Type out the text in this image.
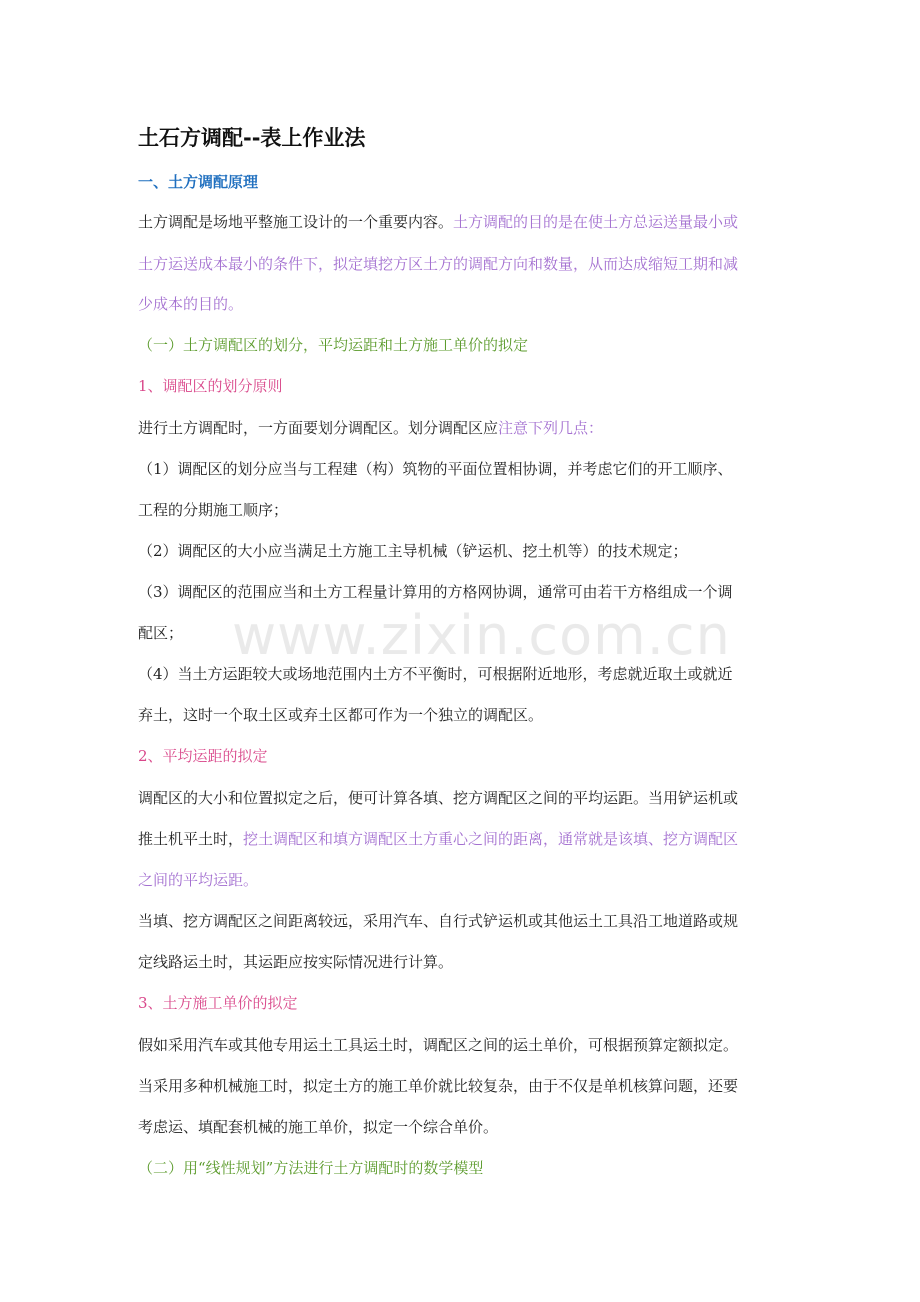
土石方调配--表上作业法
一、土方调配原理
土方调配是场地平整施工设计的一个重要内容。土方调配的目的是在使土方总运送量最小或
土方运送成本最小的条件下，拟定填挖方区土方的调配方向和数量，从而达成缩短工期和减
少成本的目的。
（一）土方调配区的划分，平均运距和土方施工单价的拟定
1、调配区的划分原则
进行土方调配时，一方面要划分调配区。划分调配区应注意下列几点：
（1）调配区的划分应当与工程建（构）筑物的平面位置相协调，并考虑它们的开工顺序、
工程的分期施工顺序；
（2）调配区的大小应当满足土方施工主导机械（铲运机、挖土机等）的技术规定；
（3）调配区的范围应当和土方工程量计算用的方格网协调，通常可由若干方格组成一个调
配区；
（4）当土方运距较大或场地范围内土方不平衡时，可根据附近地形，考虑就近取土或就近
弃土，这时一个取土区或弃土区都可作为一个独立的调配区。
2、平均运距的拟定
调配区的大小和位置拟定之后，便可计算各填、挖方调配区之间的平均运距。当用铲运机或
推土机平土时，挖土调配区和填方调配区土方重心之间的距离，通常就是该填、挖方调配区
之间的平均运距。
当填、挖方调配区之间距离较远，采用汽车、自行式铲运机或其他运土工具沿工地道路或规
定线路运土时，其运距应按实际情况进行计算。
3、土方施工单价的拟定
假如采用汽车或其他专用运土工具运土时，调配区之间的运土单价，可根据预算定额拟定。
当采用多种机械施工时，拟定土方的施工单价就比较复杂，由于不仅是单机核算问题，还要
考虑运、填配套机械的施工单价，拟定一个综合单价。
（二）用“线性规划”方法进行土方调配时的数学模型
www.zixin.com.cn
